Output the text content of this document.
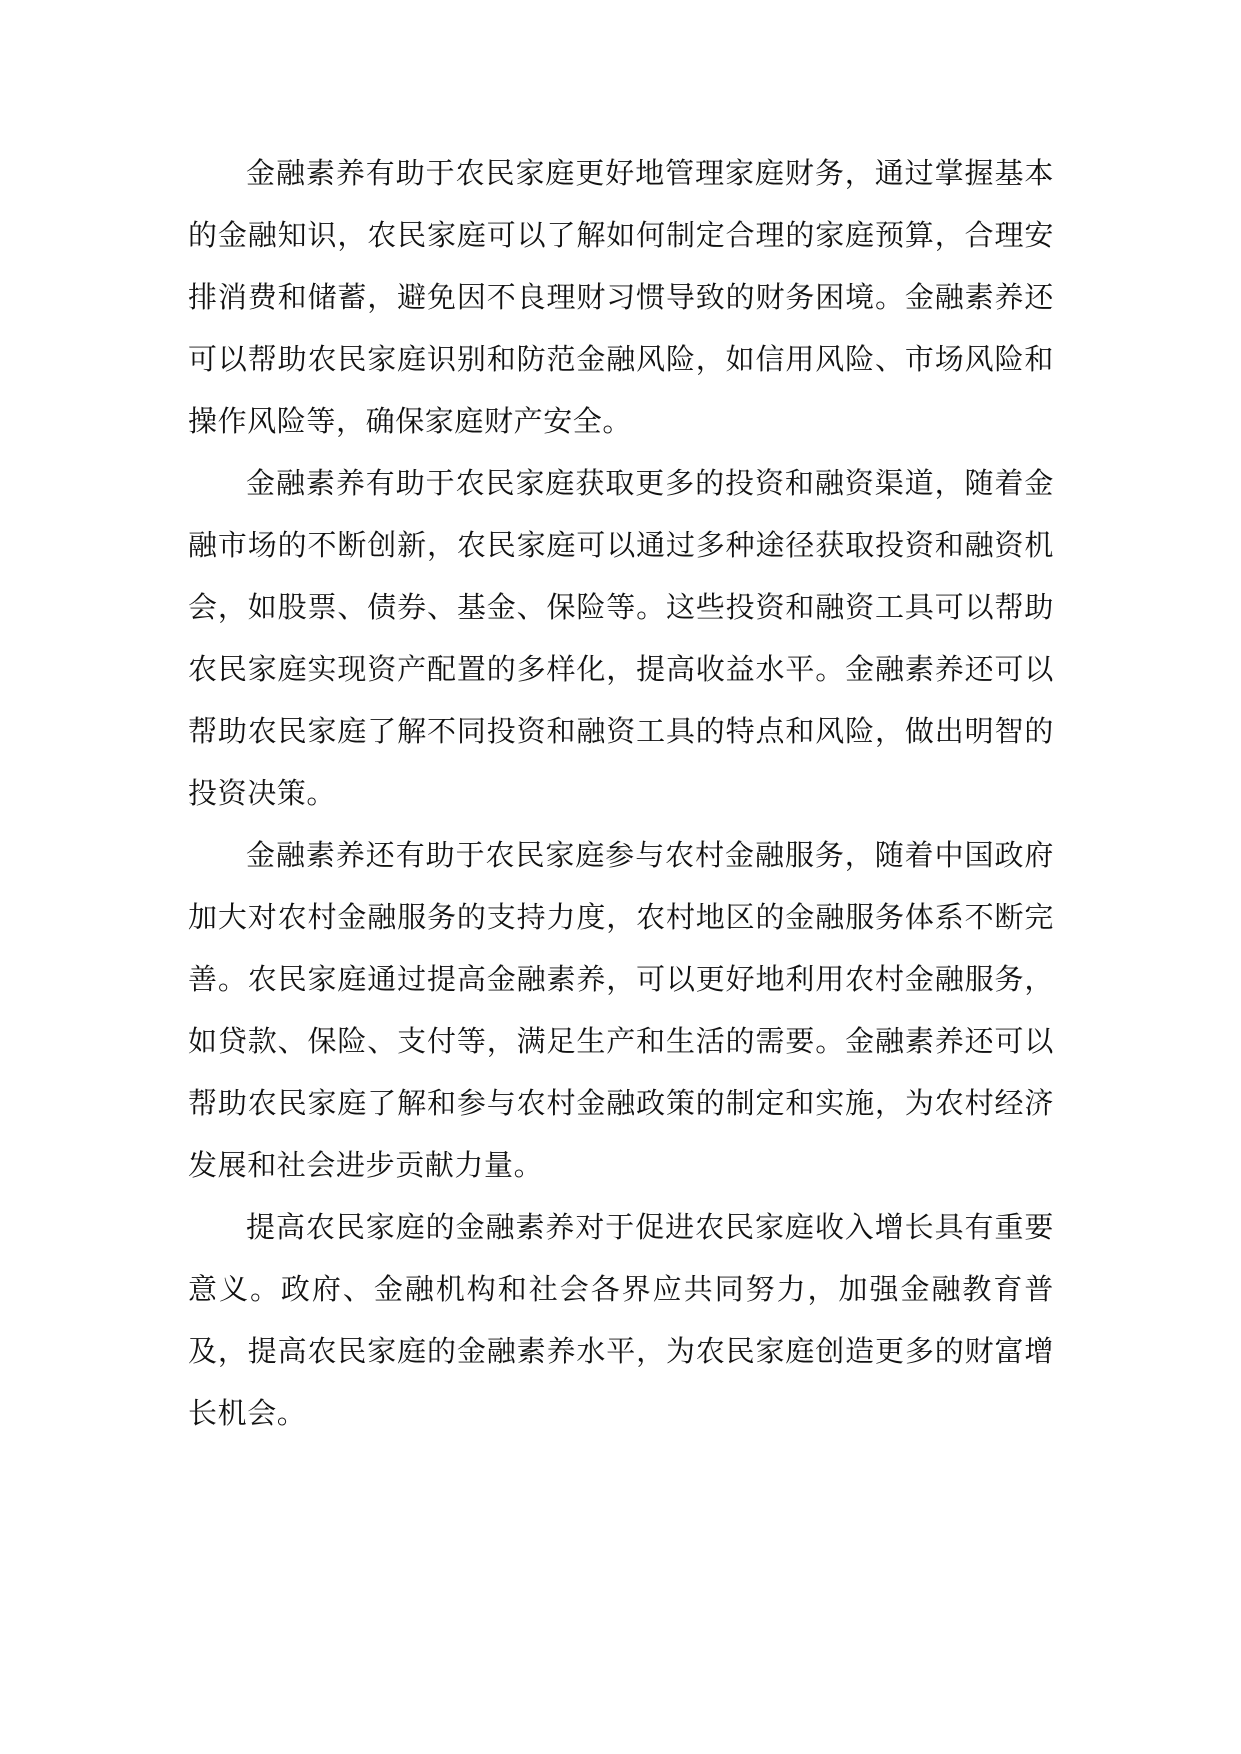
金融素养有助于农民家庭更好地管理家庭财务，通过掌握基本的金融知识，农民家庭可以了解如何制定合理的家庭预算，合理安排消费和储蓄，避免因不良理财习惯导致的财务困境。金融素养还可以帮助农民家庭识别和防范金融风险，如信用风险、市场风险和操作风险等，确保家庭财产安全。

金融素养有助于农民家庭获取更多的投资和融资渠道，随着金融市场的不断创新，农民家庭可以通过多种途径获取投资和融资机会，如股票、债券、基金、保险等。这些投资和融资工具可以帮助农民家庭实现资产配置的多样化，提高收益水平。金融素养还可以帮助农民家庭了解不同投资和融资工具的特点和风险，做出明智的投资决策。

金融素养还有助于农民家庭参与农村金融服务，随着中国政府加大对农村金融服务的支持力度，农村地区的金融服务体系不断完善。农民家庭通过提高金融素养，可以更好地利用农村金融服务，如贷款、保险、支付等，满足生产和生活的需要。金融素养还可以帮助农民家庭了解和参与农村金融政策的制定和实施，为农村经济发展和社会进步贡献力量。

提高农民家庭的金融素养对于促进农民家庭收入增长具有重要意义。政府、金融机构和社会各界应共同努力，加强金融教育普及，提高农民家庭的金融素养水平，为农民家庭创造更多的财富增长机会。
